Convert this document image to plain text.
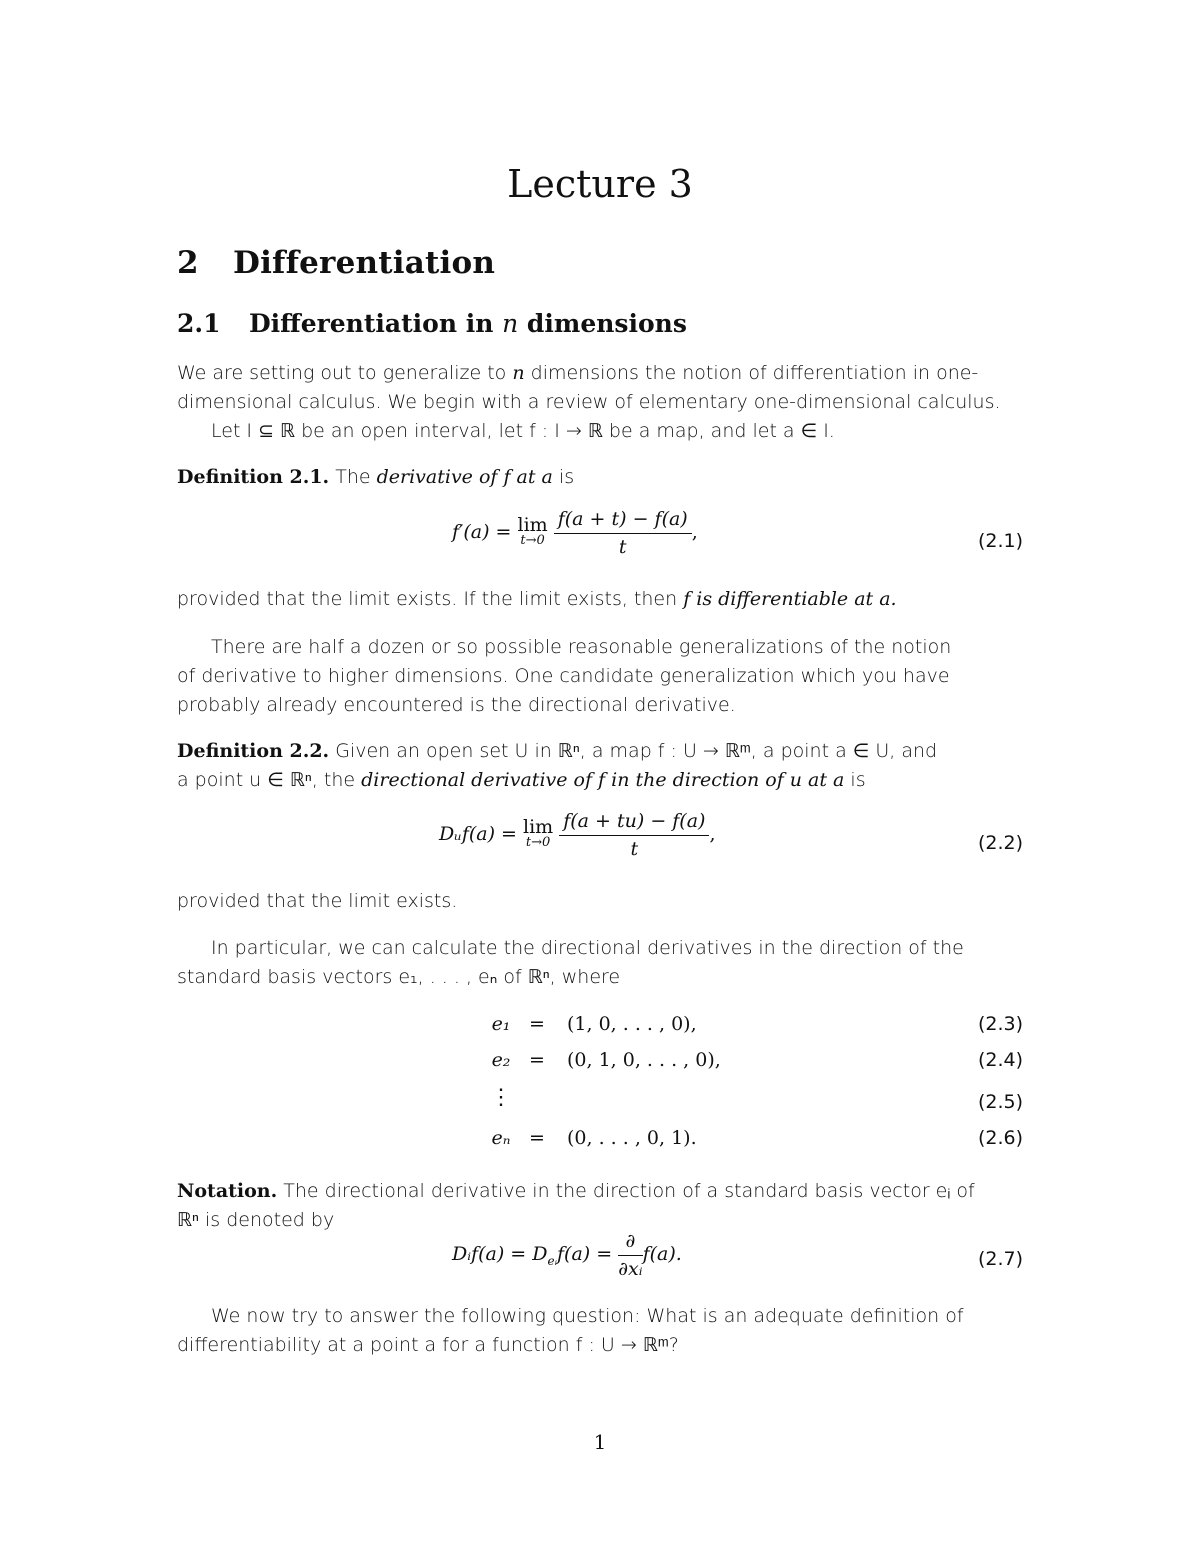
Lecture 3
2 Differentiation
2.1 Differentiation in n dimensions
We are setting out to generalize to n dimensions the notion of differentiation in one-
dimensional calculus. We begin with a review of elementary one-dimensional calculus.
Let I ⊆ ℝ be an open interval, let f : I → ℝ be a map, and let a ∈ I.
Definition 2.1. The derivative of f at a is
f′(a) = lim
t→0
$\frac{f(a + t) - f(a)}{t}$ ,	(2.1)
provided that the limit exists. If the limit exists, then f is differentiable at a.
There are half a dozen or so possible reasonable generalizations of the notion
of derivative to higher dimensions. One candidate generalization which you have
probably already encountered is the directional derivative.
Definition 2.2. Given an open set U in ℝⁿ, a map f : U → ℝᵐ, a point a ∈ U, and
a point u ∈ ℝⁿ, the directional derivative of f in the direction of u at a is
Dᵤf(a) = lim
t→0
$\frac{f(a + tu) - f(a)}{t}$ ,	(2.2)
provided that the limit exists.
In particular, we can calculate the directional derivatives in the direction of the
standard basis vectors e₁, . . . , eₙ of ℝⁿ, where
e₁ = (1, 0, . . . , 0),	(2.3)
e₂ = (0, 1, 0, . . . , 0),	(2.4)
⋮	(2.5)
eₙ = (0, . . . , 0, 1).	(2.6)
Notation. The directional derivative in the direction of a standard basis vector eᵢ of
ℝⁿ is denoted by
Dᵢf(a) = $D_{eᵢ}f(a) = \frac{\partial}{\text{∂xᵢ}} f(a)$.	(2.7)
We now try to answer the following question: What is an adequate definition of
differentiability at a point a for a function f : U → ℝᵐ?
1
